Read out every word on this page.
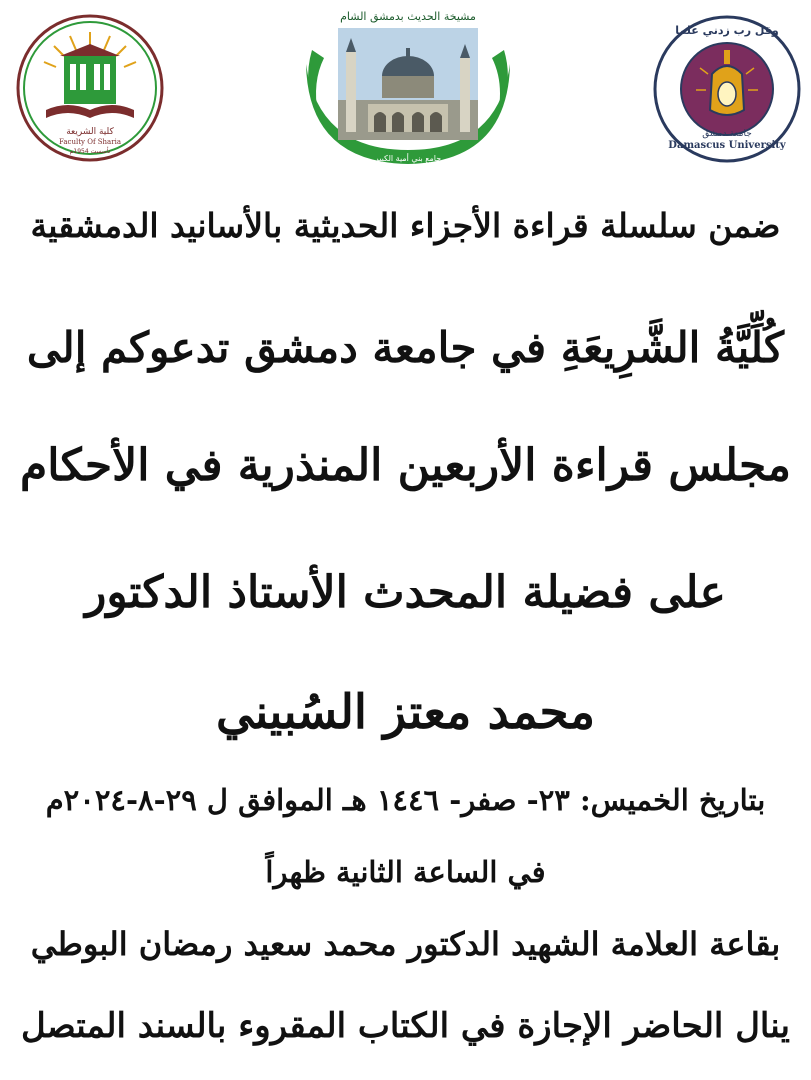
كلية الشريعة
Faculty Of Sharia
تأسست 1954م
مشيخة الحديث بدمشق الشام
جامع بني أمية الكبير
وقل رب زدني علما
Damascus University
جامعة دمشق
ضمن سلسلة قراءة الأجزاء الحديثية بالأسانيد الدمشقية
كُلِّيَّةُ الشَّرِيعَةِ في جامعة دمشق تدعوكم إلى
مجلس قراءة الأربعين المنذرية في الأحكام
على فضيلة المحدث الأستاذ الدكتور
محمد معتز السُبيني
بتاريخ الخميس: ٢٣- صفر- ١٤٤٦ هـ الموافق ل ٢٩-٨-٢٠٢٤م
في الساعة الثانية ظهراً
بقاعة العلامة الشهيد الدكتور محمد سعيد رمضان البوطي
ينال الحاضر الإجازة في الكتاب المقروء بالسند المتصل
